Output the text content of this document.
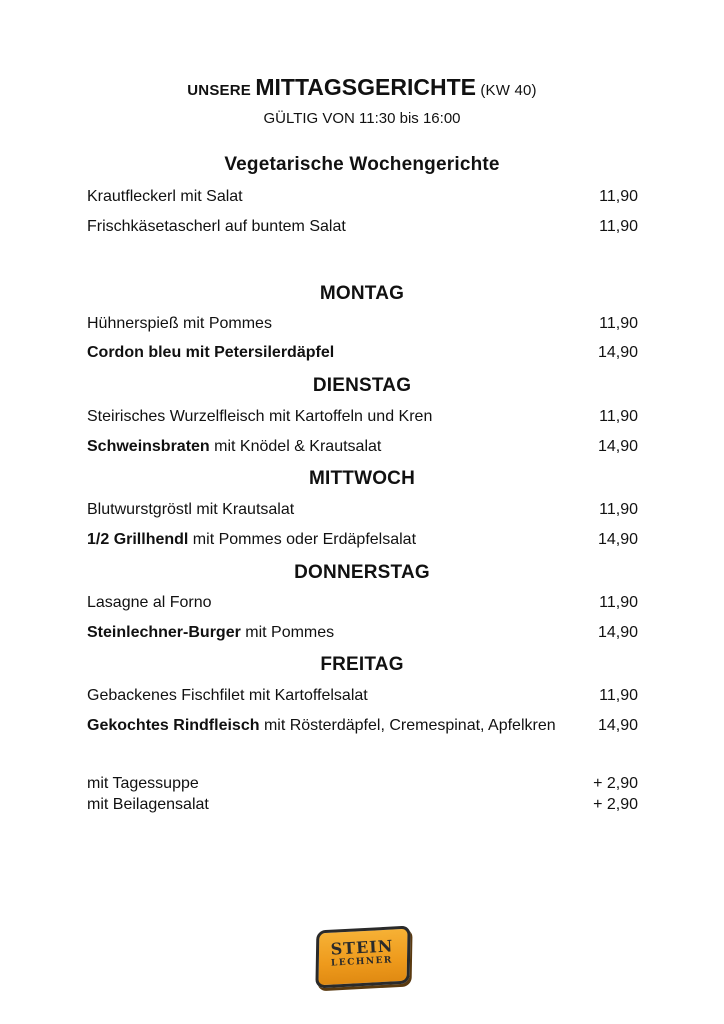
UNSERE MITTAGSGERICHTE (KW 40)
GÜLTIG VON 11:30 bis 16:00
Vegetarische Wochengerichte
Krautfleckerl mit Salat	11,90
Frischkäsetascherl auf buntem Salat	11,90
MONTAG
Hühnerspieß mit Pommes	11,90
Cordon bleu mit Petersilerdäpfel	14,90
DIENSTAG
Steirisches Wurzelfleisch mit Kartoffeln und Kren	11,90
Schweinsbraten mit Knödel & Krautsalat	14,90
MITTWOCH
Blutwurstgröstl mit Krautsalat	11,90
1/2 Grillhendl mit Pommes oder Erdäpfelsalat	14,90
DONNERSTAG
Lasagne al Forno	11,90
Steinlechner-Burger mit Pommes	14,90
FREITAG
Gebackenes Fischfilet mit Kartoffelsalat	11,90
Gekochtes Rindfleisch mit Rösterdäpfel, Cremespinat, Apfelkren	14,90
mit Tagessuppe	+ 2,90
mit Beilagensalat	+ 2,90
STEIN
LECHNER
